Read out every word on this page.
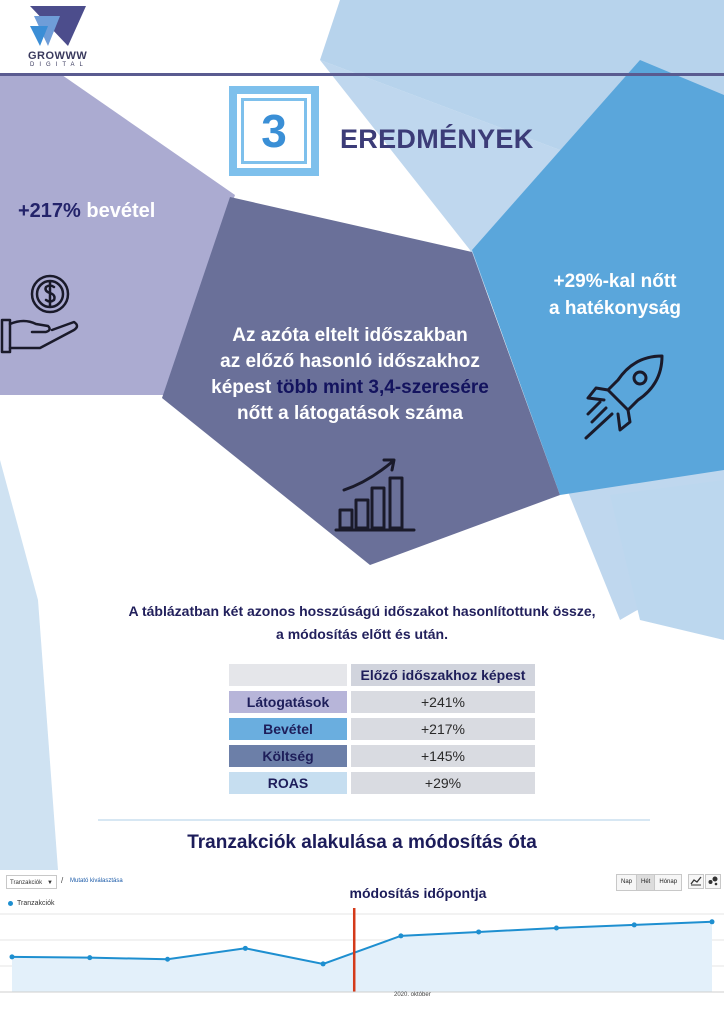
GROWWW
DIGITAL
3	EREDMÉNYEK
+217% bevétel
+29%-kal nőtt
a hatékonyság
Az azóta eltelt időszakban
az előző hasonló időszakhoz
képest több mint 3,4-szeresére
nőtt a látogatások száma
A táblázatban két azonos hosszúságú időszakot hasonlítottunk össze,
a módosítás előtt és után.
	Előző időszakhoz képest
Látogatások	+241%
Bevétel	+217%
Költség	+145%
ROAS	+29%
Tranzakciók alakulása a módosítás óta
Tranzakciók ▼ / Mutató kiválasztása	Nap	Hét	Hónap
módosítás időpontja
Tranzakciók
2020. október
